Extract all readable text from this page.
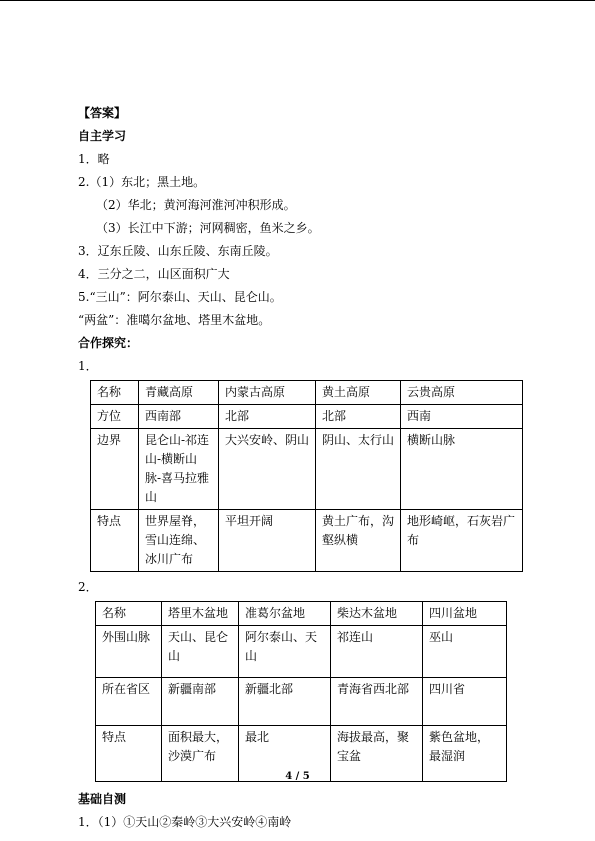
【答案】
自主学习
1．略
2.（1）东北；黑土地。
（2）华北；黄河海河淮河冲积形成。
（3）长江中下游；河网稠密，鱼米之乡。
3．辽东丘陵、山东丘陵、东南丘陵。
4．三分之二，山区面积广大
5.“三山”：阿尔泰山、天山、昆仑山。
“两盆”：准噶尔盆地、塔里木盆地。
合作探究：
1．
名称	青藏高原	内蒙古高原	黄土高原	云贵高原
方位	西南部	北部	北部	西南
边界	昆仑山-祁连山-横断山脉-喜马拉雅山	大兴安岭、阴山	阴山、太行山	横断山脉
特点	世界屋脊，雪山连绵、冰川广布	平坦开阔	黄土广布，沟壑纵横	地形崎岖，石灰岩广布
2．
名称	塔里木盆地	准葛尔盆地	柴达木盆地	四川盆地
外围山脉	天山、昆仑山	阿尔泰山、天山	祁连山	巫山
所在省区	新疆南部	新疆北部	青海省西北部	四川省
特点	面积最大，沙漠广布	最北	海拔最高，聚宝盆	紫色盆地，最湿润
基础自测
1．（1）①天山②秦岭③大兴安岭④南岭
4 / 5
